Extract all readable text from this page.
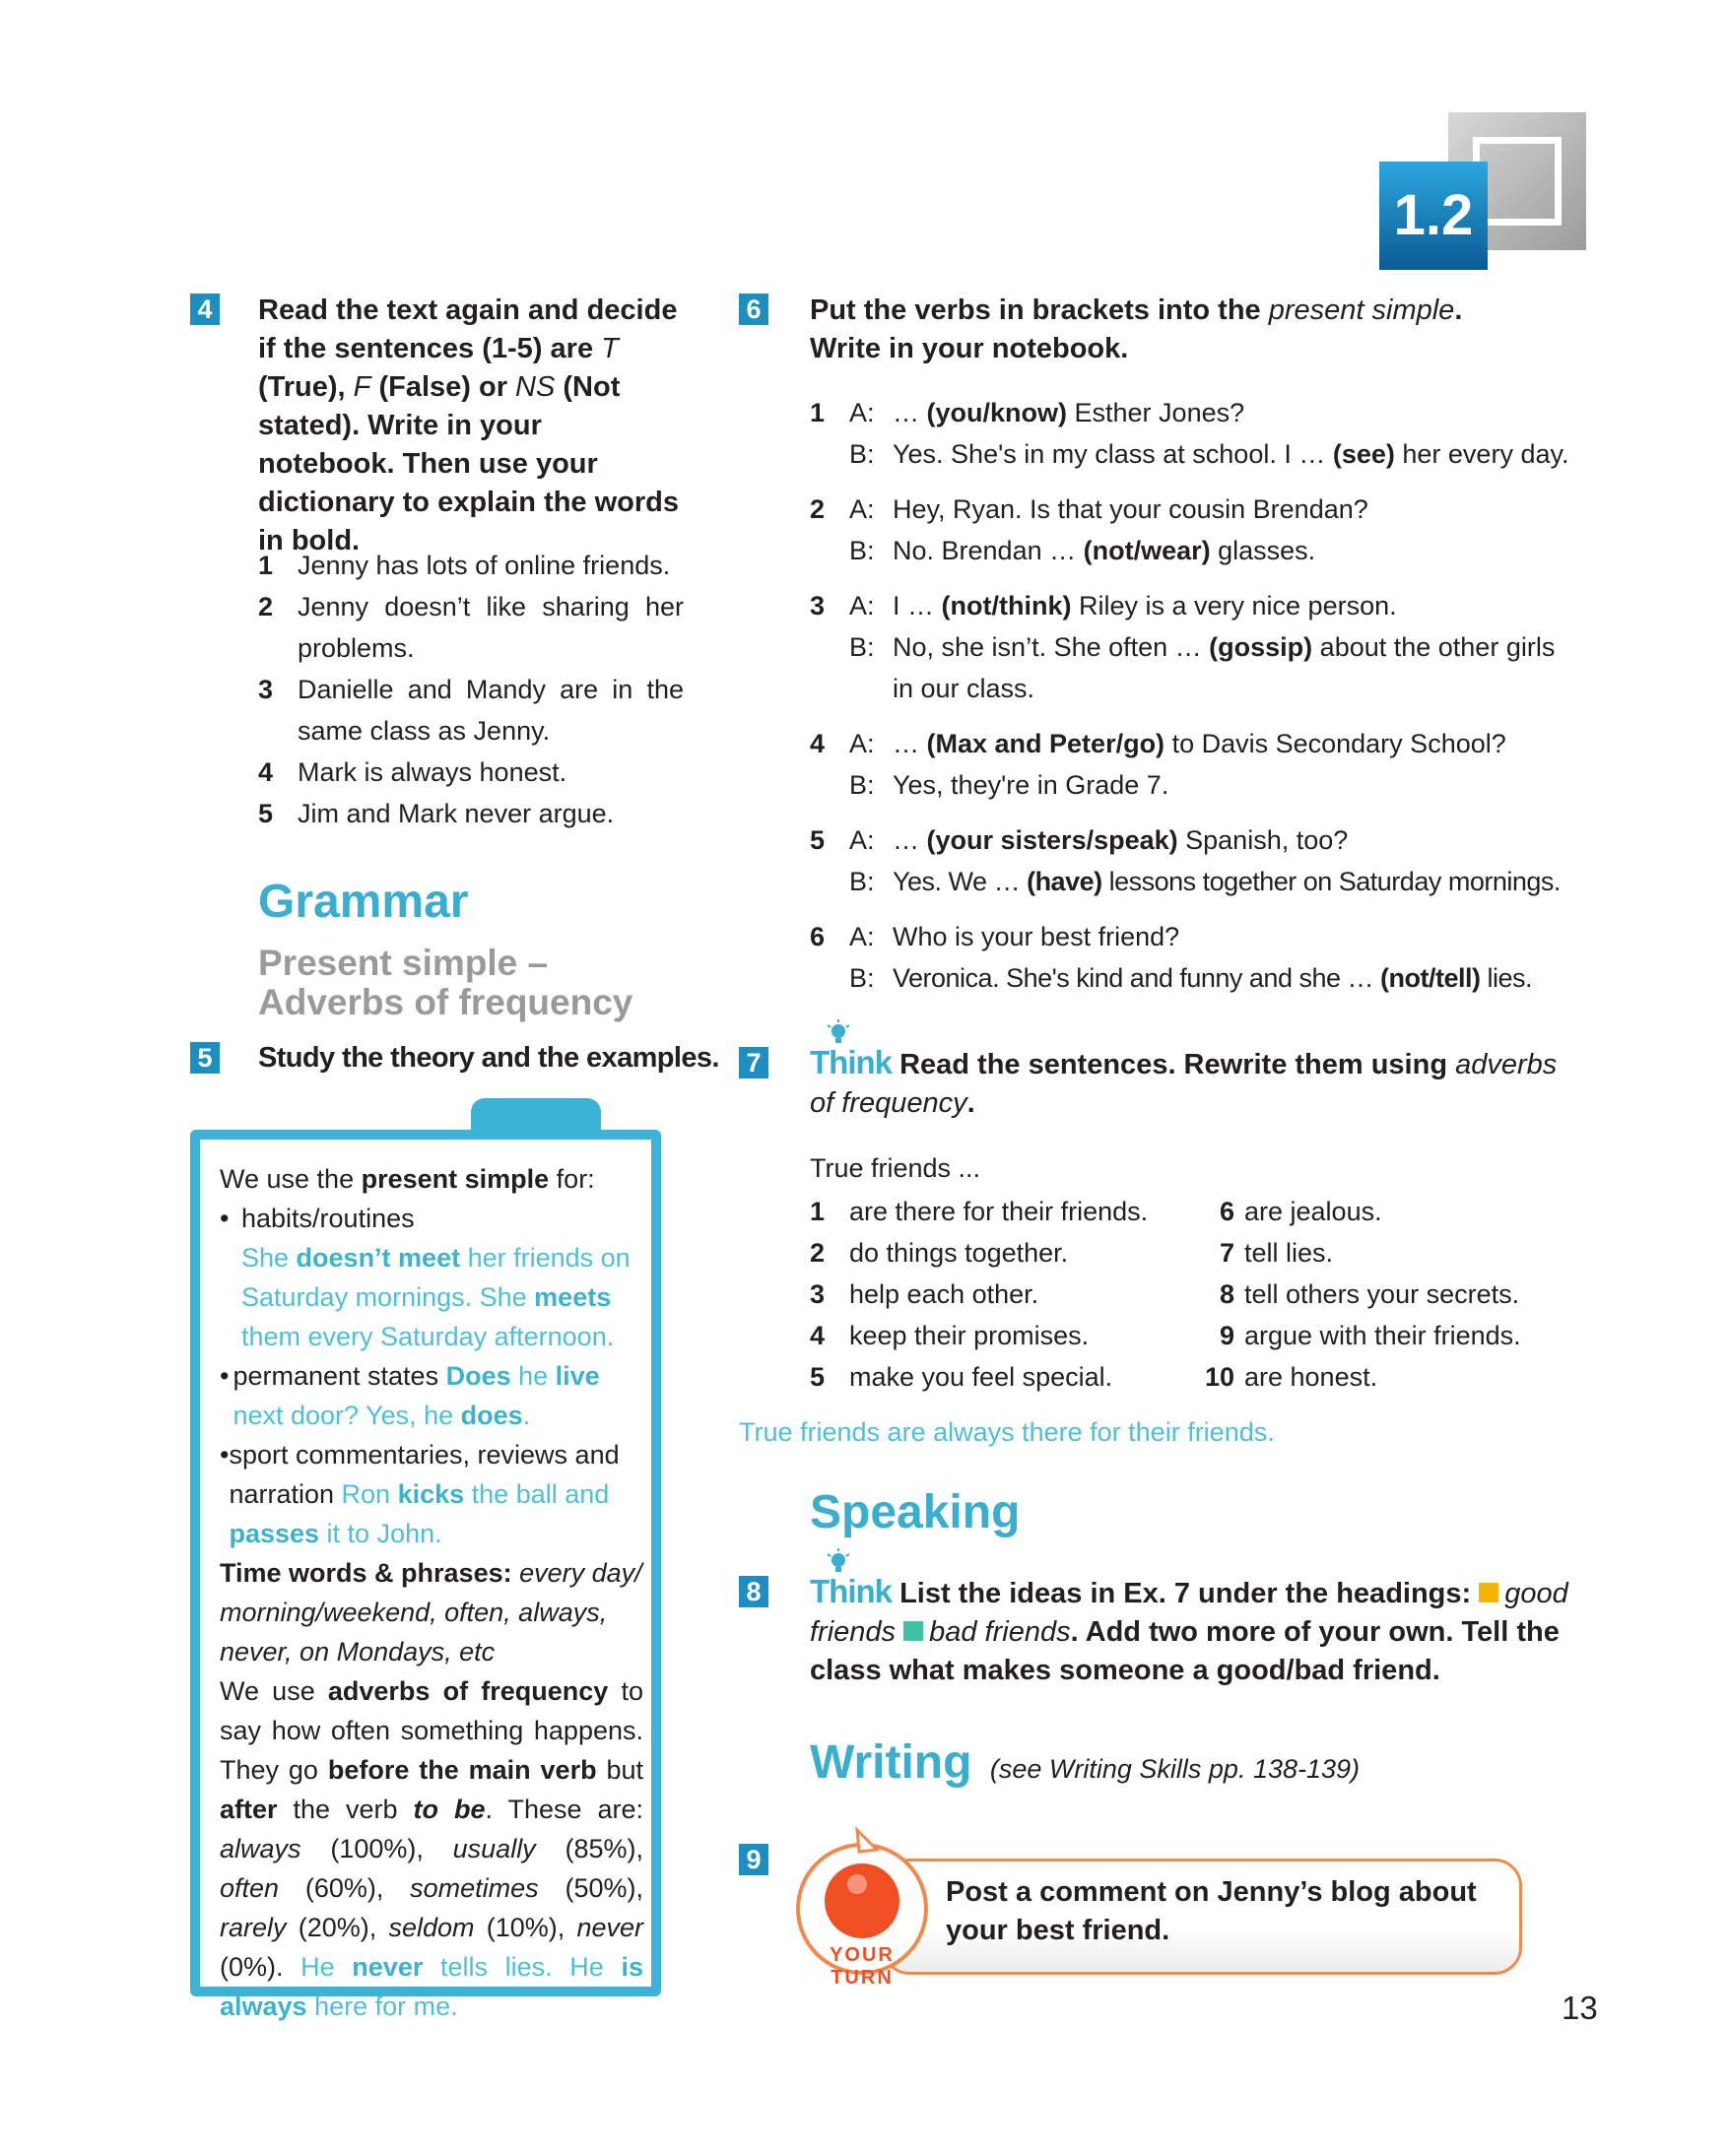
1.2
4 Read the text again and decide if the sentences (1-5) are T (True), F (False) or NS (Not stated). Write in your notebook. Then use your dictionary to explain the words in bold.
1 Jenny has lots of online friends.
2 Jenny doesn’t like sharing her problems.
3 Danielle and Mandy are in the same class as Jenny.
4 Mark is always honest.
5 Jim and Mark never argue.
Grammar
Present simple –
Adverbs of frequency
5 Study the theory and the examples.
We use the present simple for:
• habits/routines
She doesn’t meet her friends on Saturday mornings. She meets them every Saturday afternoon.
• permanent states Does he live next door? Yes, he does.
• sport commentaries, reviews and narration Ron kicks the ball and passes it to John.
Time words & phrases: every day/ morning/weekend, often, always, never, on Mondays, etc
We use adverbs of frequency to say how often something happens. They go before the main verb but after the verb to be. These are: always (100%), usually (85%), often (60%), sometimes (50%), rarely (20%), seldom (10%), never (0%). He never tells lies. He is always here for me.
6 Put the verbs in brackets into the present simple. Write in your notebook.
1 A: … (you/know) Esther Jones?
B: Yes. She's in my class at school. I … (see) her every day.
2 A: Hey, Ryan. Is that your cousin Brendan?
B: No. Brendan … (not/wear) glasses.
3 A: I … (not/think) Riley is a very nice person.
B: No, she isn’t. She often … (gossip) about the other girls in our class.
4 A: … (Max and Peter/go) to Davis Secondary School?
B: Yes, they're in Grade 7.
5 A: … (your sisters/speak) Spanish, too?
B: Yes. We … (have) lessons together on Saturday mornings.
6 A: Who is your best friend?
B: Veronica. She's kind and funny and she … (not/tell) lies.
7 Think Read the sentences. Rewrite them using adverbs of frequency.
True friends ...
1 are there for their friends.
2 do things together.
3 help each other.
4 keep their promises.
5 make you feel special.
6 are jealous.
7 tell lies.
8 tell others your secrets.
9 argue with their friends.
10 are honest.
True friends are always there for their friends.
Speaking
8 Think List the ideas in Ex. 7 under the headings: good friends bad friends. Add two more of your own. Tell the class what makes someone a good/bad friend.
Writing (see Writing Skills pp. 138-139)
9
YOUR TURN
Post a comment on Jenny’s blog about your best friend.
13
